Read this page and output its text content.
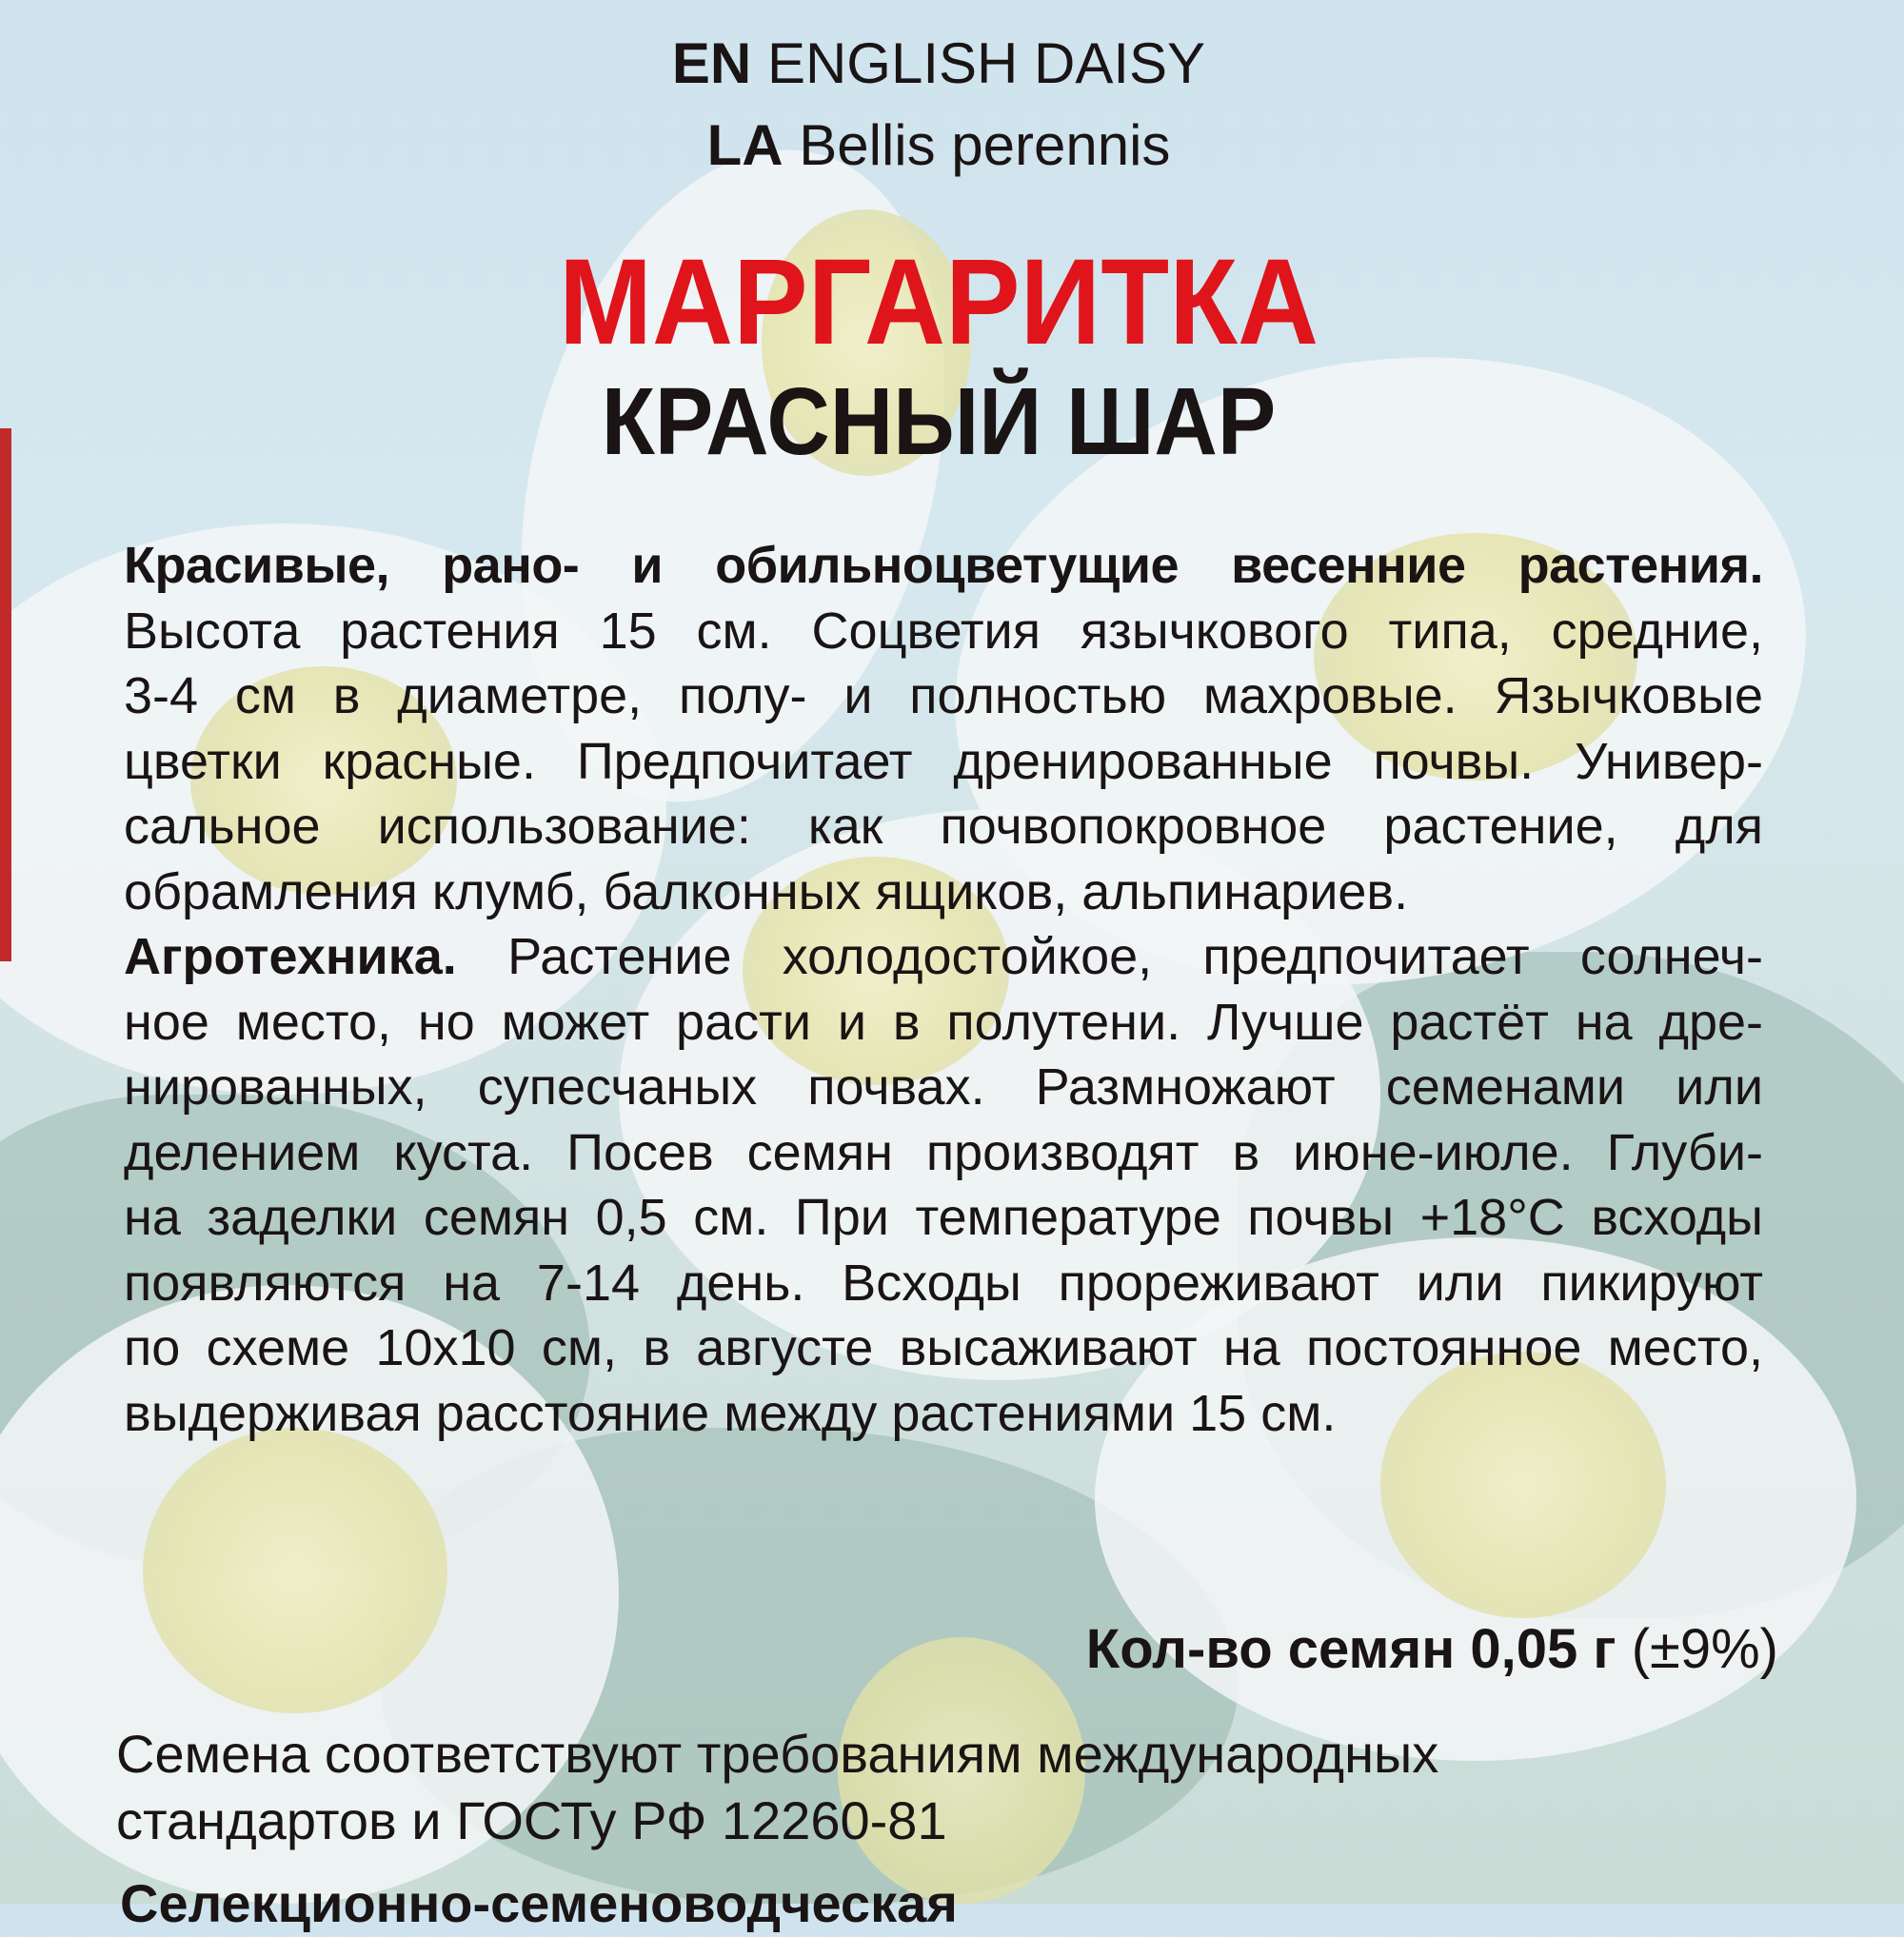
EN ENGLISH DAISY
LA Bellis perennis
МАРГАРИТКА
КРАСНЫЙ ШАР
Красивые, рано- и обильноцветущие весенние растения.
Высота растения 15 см. Соцветия язычкового типа, средние,
3-4 см в диаметре, полу- и полностью махровые. Язычковые
цветки красные. Предпочитает дренированные почвы. Универ-
сальное использование: как почвопокровное растение, для
обрамления клумб, балконных ящиков, альпинариев.
Агротехника. Растение холодостойкое, предпочитает солнеч-
ное место, но может расти и в полутени. Лучше растёт на дре-
нированных, супесчаных почвах. Размножают семенами или
делением куста. Посев семян производят в июне-июле. Глуби-
на заделки семян 0,5 см. При температуре почвы +18°С всходы
появляются на 7-14 день. Всходы прореживают или пикируют
по схеме 10х10 см, в августе высаживают на постоянное место,
выдерживая расстояние между растениями 15 см.
Кол-во семян 0,05 г (±9%)
Семена соответствуют требованиям международных
стандартов и ГОСТу РФ 12260-81
Селекционно-семеноводческая
